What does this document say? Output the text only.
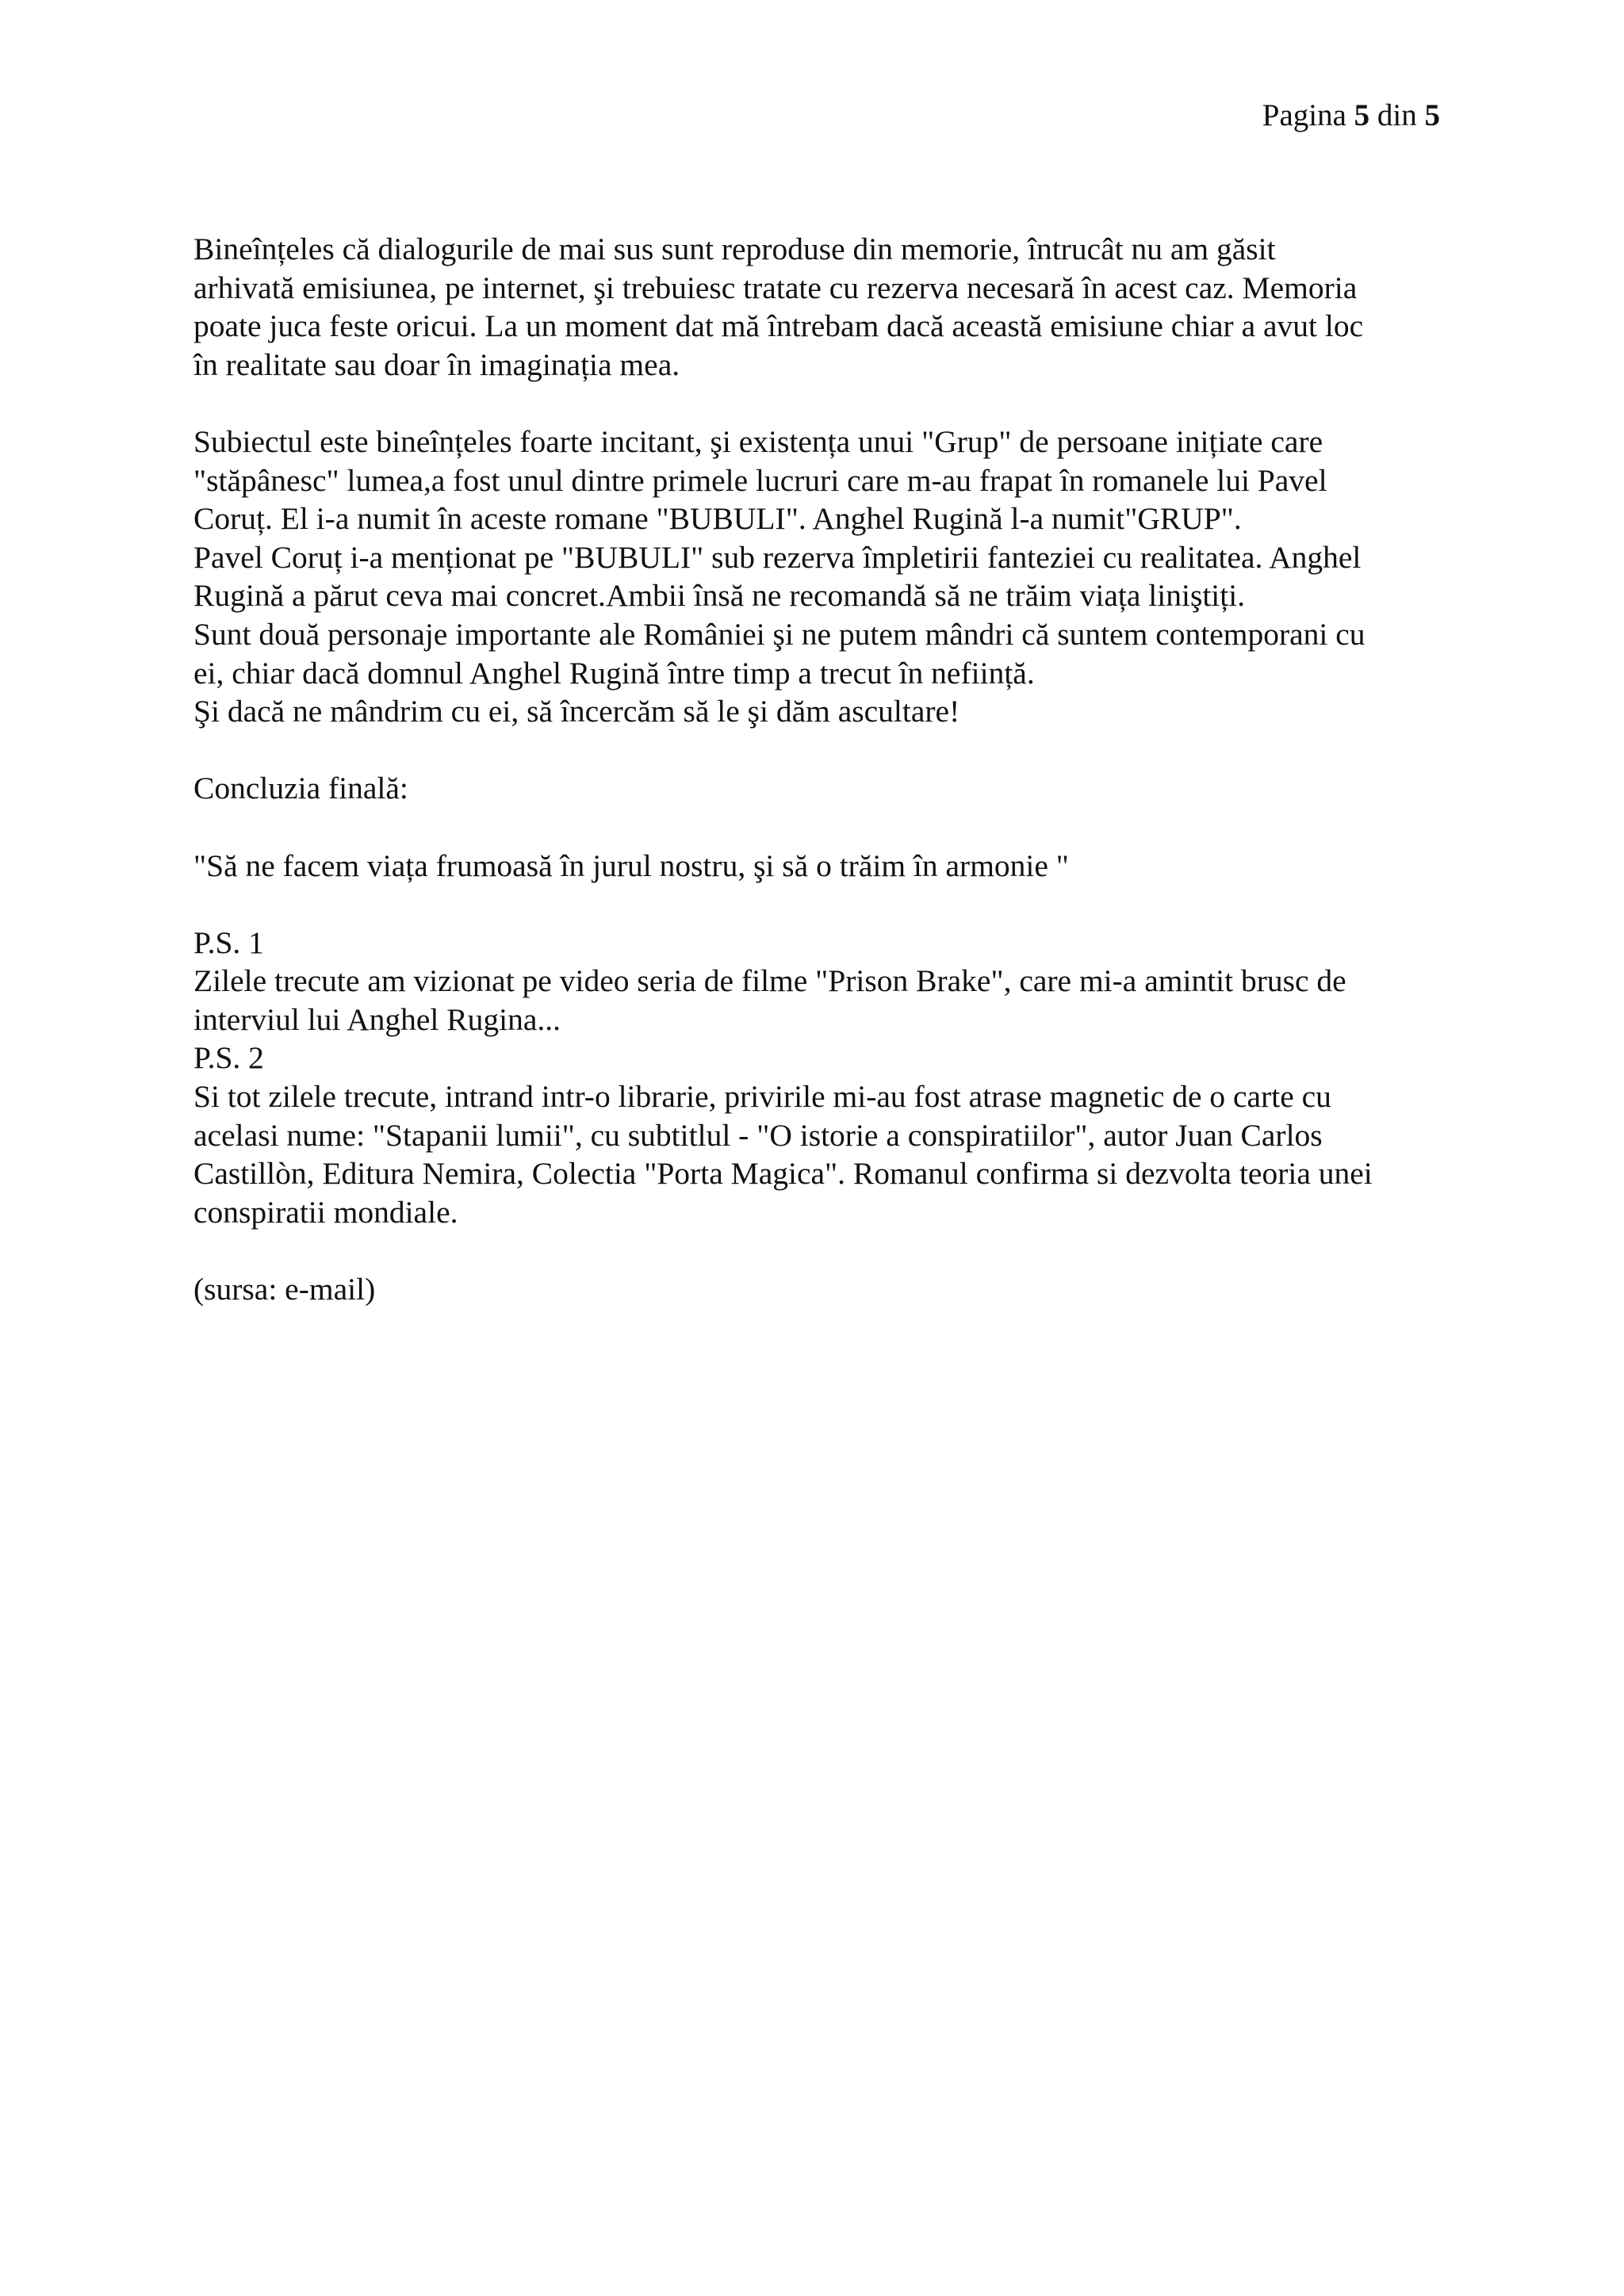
Pagina 5 din 5

Bineînțeles că dialogurile de mai sus sunt reproduse din memorie, întrucât nu am găsit
arhivată emisiunea, pe internet, şi trebuiesc tratate cu rezerva necesară în acest caz. Memoria
poate juca feste oricui. La un moment dat mă întrebam dacă această emisiune chiar a avut loc
în realitate sau doar în imaginația mea.

Subiectul este bineînțeles foarte incitant, şi existența unui "Grup" de persoane inițiate care
"stăpânesc" lumea,a fost unul dintre primele lucruri care m-au frapat în romanele lui Pavel
Coruț. El i-a numit în aceste romane "BUBULI". Anghel Rugină l-a numit"GRUP".
Pavel Coruț i-a menționat pe "BUBULI" sub rezerva împletirii fanteziei cu realitatea. Anghel
Rugină a părut ceva mai concret.Ambii însă ne recomandă să ne trăim viața liniştiți.
Sunt două personaje importante ale României şi ne putem mândri că suntem contemporani cu
ei, chiar dacă domnul Anghel Rugină între timp a trecut în neființă.
Şi dacă ne mândrim cu ei, să încercăm să le şi dăm ascultare!

Concluzia finală:

"Să ne facem viața frumoasă în jurul nostru, şi să o trăim în armonie "

P.S. 1
Zilele trecute am vizionat pe video seria de filme "Prison Brake", care mi-a amintit brusc de
interviul lui Anghel Rugina...
P.S. 2
Si tot zilele trecute, intrand intr-o librarie, privirile mi-au fost atrase magnetic de o carte cu
acelasi nume: "Stapanii lumii", cu subtitlul - "O istorie a conspiratiilor", autor Juan Carlos
Castillòn, Editura Nemira, Colectia "Porta Magica". Romanul confirma si dezvolta teoria unei
conspiratii mondiale.

(sursa: e-mail)
